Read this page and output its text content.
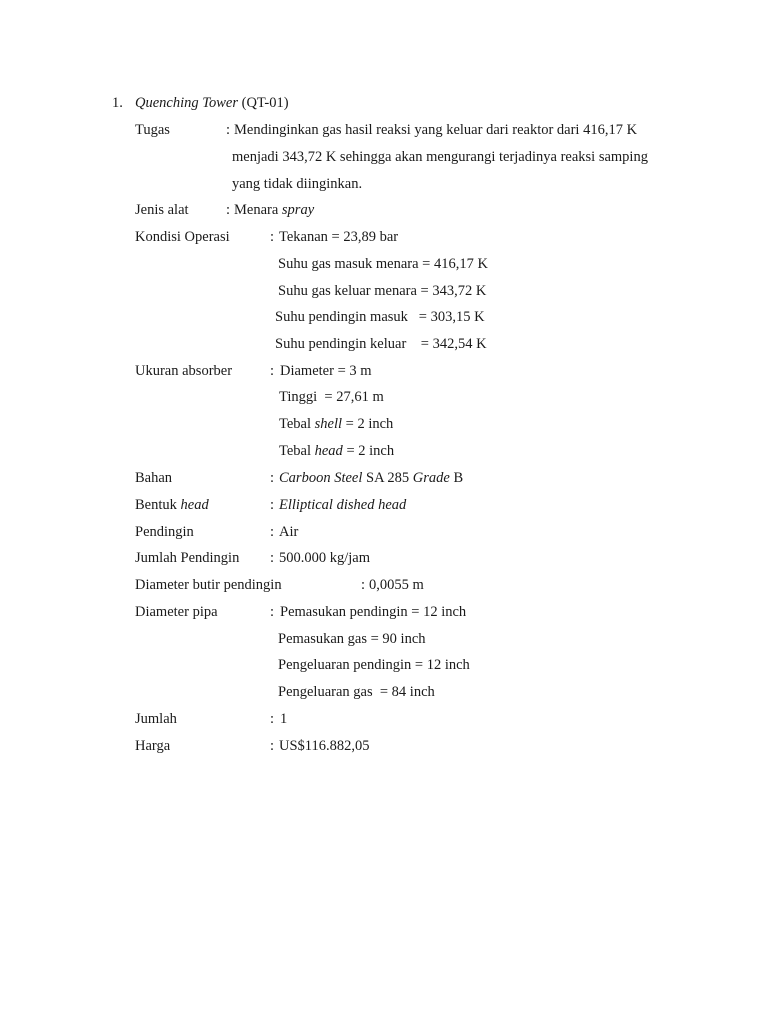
1. Quenching Tower (QT-01)
Tugas	: Mendinginkan gas hasil reaksi yang keluar dari reaktor dari 416,17 K
menjadi 343,72 K sehingga akan mengurangi terjadinya reaksi samping
yang tidak diinginkan.
Jenis alat	: Menara spray
Kondisi Operasi	: Tekanan = 23,89 bar
Suhu gas masuk menara = 416,17 K
Suhu gas keluar menara = 343,72 K
Suhu pendingin masuk   = 303,15 K
Suhu pendingin keluar    = 342,54 K
Ukuran absorber	: Diameter = 3 m
Tinggi  = 27,61 m
Tebal shell = 2 inch
Tebal head = 2 inch
Bahan	: Carboon Steel SA 285 Grade B
Bentuk head	: Elliptical dished head
Pendingin	: Air
Jumlah Pendingin : 500.000 kg/jam
Diameter butir pendingin	: 0,0055 m
Diameter pipa	: Pemasukan pendingin = 12 inch
Pemasukan gas = 90 inch
Pengeluaran pendingin = 12 inch
Pengeluaran gas  = 84 inch
Jumlah	: 1
Harga	: US$116.882,05
